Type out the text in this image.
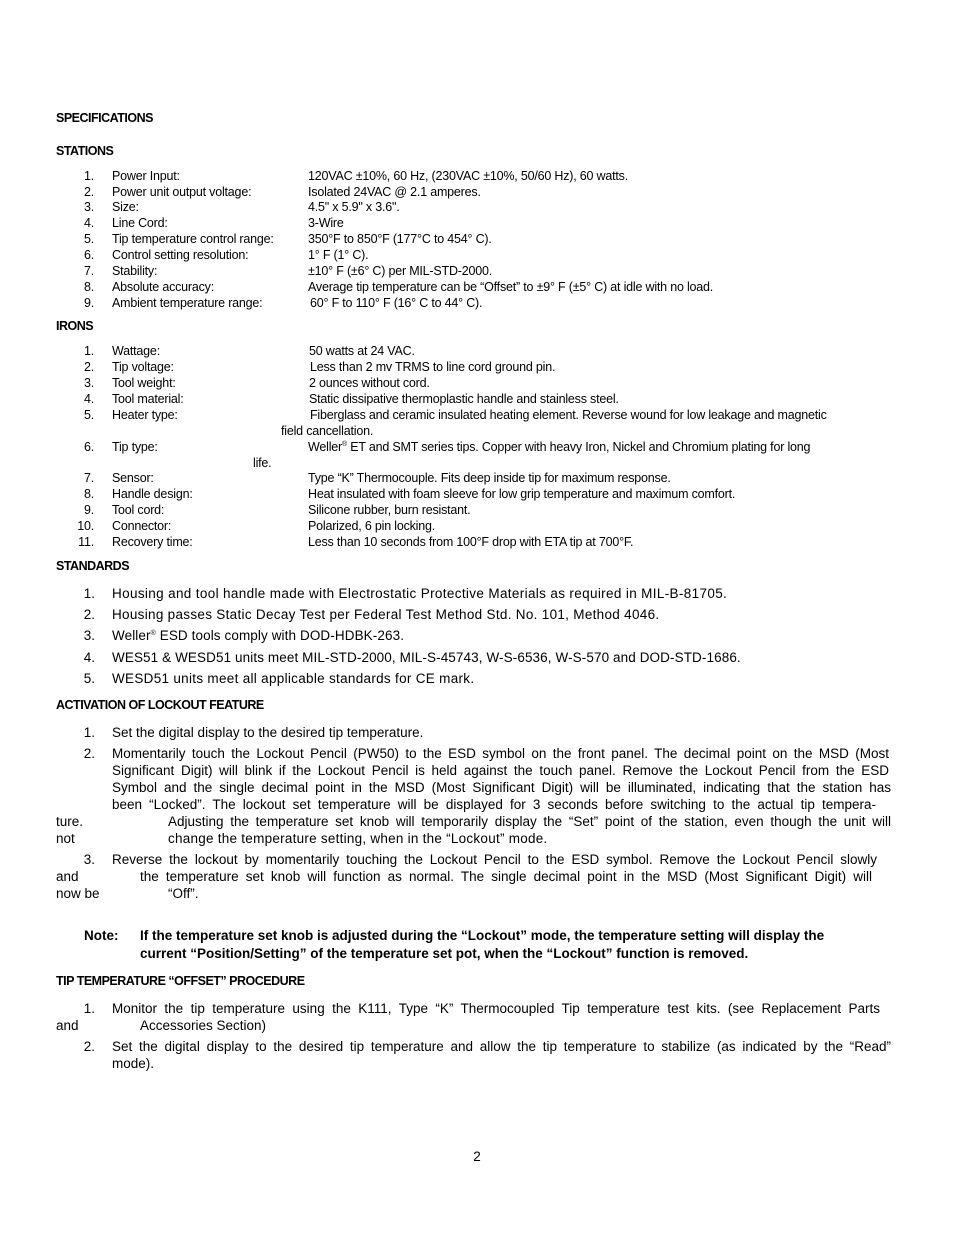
SPECIFICATIONS
STATIONS
1. Power Input:	120VAC ±10%, 60 Hz, (230VAC ±10%, 50/60 Hz), 60 watts.
2. Power unit output voltage:	Isolated 24VAC @ 2.1 amperes.
3. Size:	4.5" x 5.9" x 3.6".
4. Line Cord:	3-Wire
5. Tip temperature control range:	350°F to 850°F (177°C to 454° C).
6. Control setting resolution:	1° F (1° C).
7. Stability:	±10° F (±6° C) per MIL-STD-2000.
8. Absolute accuracy:	Average tip temperature can be “Offset” to ±9° F (±5° C) at idle with no load.
9. Ambient temperature range:	60° F to 110° F (16° C to 44° C).
IRONS
1. Wattage:	50 watts at 24 VAC.
2. Tip voltage:	Less than 2 mv TRMS to line cord ground pin.
3. Tool weight:	2 ounces without cord.
4. Tool material:	Static dissipative thermoplastic handle and stainless steel.
5. Heater type:	Fiberglass and ceramic insulated heating element. Reverse wound for low leakage and magnetic
field cancellation.
6. Tip type:	Weller® ET and SMT series tips. Copper with heavy Iron, Nickel and Chromium plating for long
life.
7. Sensor:	Type “K” Thermocouple. Fits deep inside tip for maximum response.
8. Handle design:	Heat insulated with foam sleeve for low grip temperature and maximum comfort.
9. Tool cord:	Silicone rubber, burn resistant.
10. Connector:	Polarized, 6 pin locking.
11. Recovery time:	Less than 10 seconds from 100°F drop with ETA tip at 700°F.
STANDARDS
1. Housing and tool handle made with Electrostatic Protective Materials as required in MIL-B-81705.
2. Housing passes Static Decay Test per Federal Test Method Std. No. 101, Method 4046.
3. Weller® ESD tools comply with DOD-HDBK-263.
4. WES51 & WESD51 units meet MIL-STD-2000, MIL-S-45743, W-S-6536, W-S-570 and DOD-STD-1686.
5. WESD51 units meet all applicable standards for CE mark.
ACTIVATION OF LOCKOUT FEATURE
1. Set the digital display to the desired tip temperature.
2. Momentarily touch the Lockout Pencil (PW50) to the ESD symbol on the front panel. The decimal point on the MSD (Most
Significant Digit) will blink if the Lockout Pencil is held against the touch panel. Remove the Lockout Pencil from the ESD
Symbol and the single decimal point in the MSD (Most Significant Digit) will be illuminated, indicating that the station has
been “Locked”. The lockout set temperature will be displayed for 3 seconds before switching to the actual tip tempera-
ture.	Adjusting the temperature set knob will temporarily display the “Set” point of the station, even though the unit will
not	change the temperature setting, when in the “Lockout” mode.
3. Reverse the lockout by momentarily touching the Lockout Pencil to the ESD symbol. Remove the Lockout Pencil slowly
and	the temperature set knob will function as normal. The single decimal point in the MSD (Most Significant Digit) will
now be	“Off”.
Note: If the temperature set knob is adjusted during the “Lockout” mode, the temperature setting will display the
current “Position/Setting” of the temperature set pot, when the “Lockout” function is removed.
TIP TEMPERATURE “OFFSET” PROCEDURE
1. Monitor the tip temperature using the K111, Type “K” Thermocoupled Tip temperature test kits. (see Replacement Parts
and	Accessories Section)
2. Set the digital display to the desired tip temperature and allow the tip temperature to stabilize (as indicated by the “Read”
mode).
2
